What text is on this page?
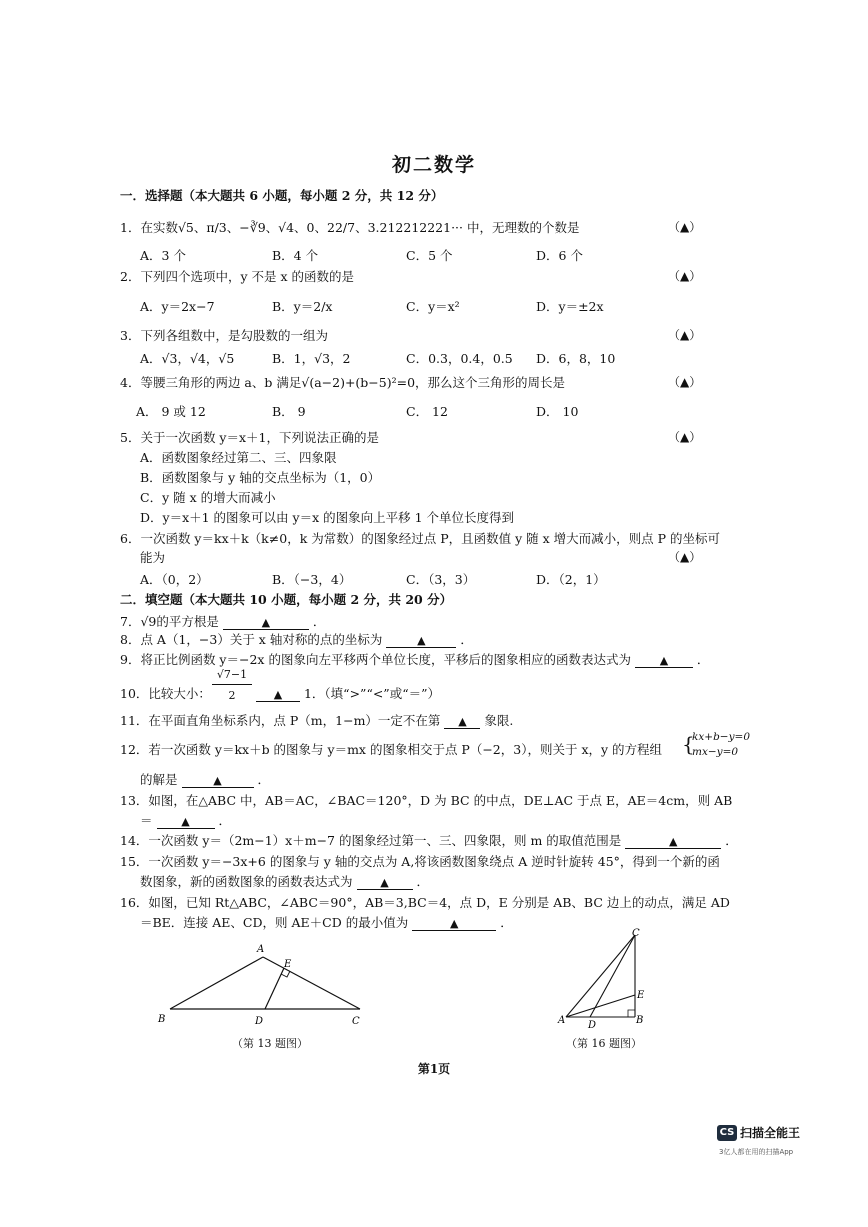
初二数学
一．选择题（本大题共 6 小题，每小题 2 分，共 12 分）
1．在实数√5、π/3、−∛9、√4、0、22/7、3.212212221··· 中，无理数的个数是	（▲）
A．3 个	B．4 个	C．5 个	D．6 个
2．下列四个选项中，y 不是 x 的函数的是	（▲）
A．y＝2x−7	B．y＝2/x	C．y＝x²	D．y＝±2x
3．下列各组数中，是勾股数的一组为	（▲）
A．√3，√4，√5	B．1，√3，2	C．0.3，0.4，0.5 D．6，8，10
4．等腰三角形的两边 a、b 满足√(a−2)+(b−5)²=0，那么这个三角形的周长是	（▲）
A． 9 或 12	B． 9	C． 12	D． 10
5．关于一次函数 y＝x＋1，下列说法正确的是	（▲）
A．函数图象经过第二、三、四象限
B．函数图象与 y 轴的交点坐标为（1，0）
C．y 随 x 的增大而减小
D．y＝x＋1 的图象可以由 y＝x 的图象向上平移 1 个单位长度得到
6．一次函数 y＝kx＋k（k≠0，k 为常数）的图象经过点 P，且函数值 y 随 x 增大而减小，则点 P 的坐标可
能为	（▲）
A．（0，2）	B．（−3，4）	C．（3，3）	D．（2，1）
二．填空题（本大题共 10 小题，每小题 2 分，共 20 分）
7．√9的平方根是	▲	．
8．点 A（1，−3）关于 x 轴对称的点的坐标为	▲	．
9．将正比例函数 y＝−2x 的图象向左平移两个单位长度，平移后的图象相应的函数表达式为	▲ ．
10．比较大小：
√7−1
2	▲ 1．（填“>”“<”或“＝”）
11．在平面直角坐标系内，点 P（m，1−m）一定不在第 ▲ 象限.
12．若一次函数 y＝kx＋b 的图象与 y＝mx 的图象相交于点 P（−2，3），则关于 x，y 的方程组 {
kx+b−y=0
mx−y=0
的解是	▲	．
13．如图，在△ABC 中，AB＝AC，∠BAC＝120°，D 为 BC 的中点，DE⊥AC 于点 E，AE＝4cm，则 AB
＝	▲ ．
14．一次函数 y＝（2m−1）x＋m−7 的图象经过第一、三、四象限，则 m 的取值范围是	▲	．
15．一次函数 y＝−3x+6 的图象与 y 轴的交点为 A,将该函数图象绕点 A 逆时针旋转 45°，得到一个新的函
数图象，新的函数图象的函数表达式为	▲ ．
16．如图，已知 Rt△ABC，∠ABC＝90°，AB＝3,BC＝4，点 D，E 分别是 AB、BC 边上的动点，满足 AD
＝BE．连接 AE、CD，则 AE＋CD 的最小值为	▲	．
A
B	C
D
E
（第 13 题图）
C
E
A	B
D
（第 16 题图）
第1页
CS 扫描全能王
3亿人都在用的扫描App
